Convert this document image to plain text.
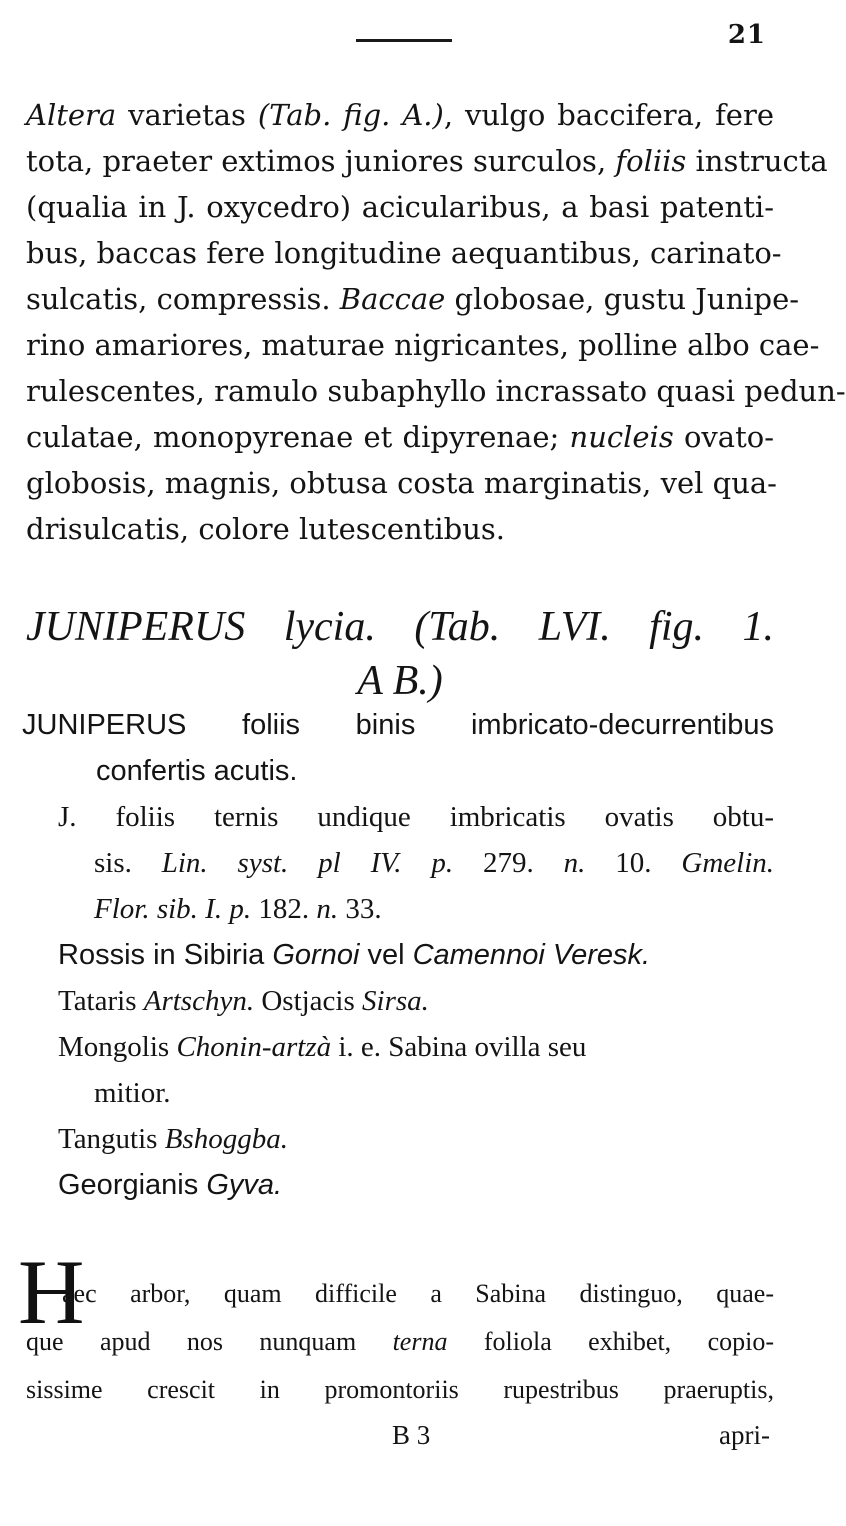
21
Altera varietas (Tab. fig. A.), vulgo baccifera, fere
tota, praeter extimos juniores surculos, foliis instructa
(qualia in J. oxycedro) acicularibus, a basi patenti-
bus, baccas fere longitudine aequantibus, carinato-
sulcatis, compressis. Baccae globosae, gustu Junipe-
rino amariores, maturae nigricantes, polline albo cae-
rulescentes, ramulo subaphyllo incrassato quasi pedun-
culatae, monopyrenae et dipyrenae; nucleis ovato-
globosis, magnis, obtusa costa marginatis, vel qua-
drisulcatis, colore lutescentibus.
JUNIPERUS lycia. (Tab. LVI. fig. 1.
A B.)
JUNIPERUS foliis binis imbricato-decurrentibus
confertis acutis.
J. foliis ternis undique imbricatis ovatis obtu-
sis. Lin. syst. pl IV. p. 279. n. 10. Gmelin.
Flor. sib. I. p. 182. n. 33.
Rossis in Sibiria Gornoi vel Camennoi Veresk.
Tataris Artschyn. Ostjacis Sirsa.
Mongolis Chonin-artzà i. e. Sabina ovilla seu
mitior.
Tangutis Bshoggba.
Georgianis Gyva.
H
aec arbor, quam difficile a Sabina distinguo, quae-
que apud nos nunquam terna foliola exhibet, copio-
sissime crescit in promontoriis rupestribus praeruptis,
B 3	apri-
